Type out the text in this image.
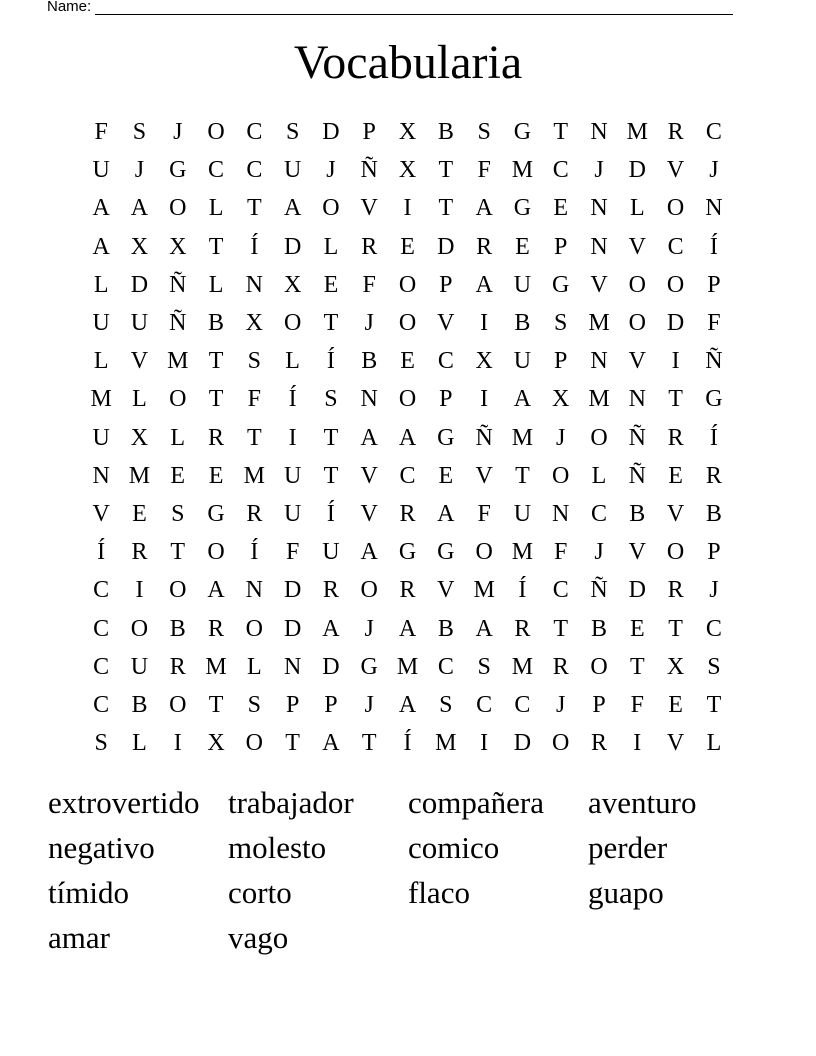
Name:
Vocabularia
F	S	J	O C S D P X B S G T N M R C
U	J	G C C U	J	Ñ X T	F M C	J	D V	J
A A O L T A O V	I	T A G E N L O N
A X X T	Í	D L R E D R E	P N V C	Í
L D Ñ L N X E	F O P A U G V O O P
U U Ñ B X O T	J	O V	I	B S M O D F
L V M T	S	L	Í	B E C X U P N V	I	Ñ
M L O T	F	Í	S N O P	I	A X M N T G
U X L R T	I	T A A G Ñ M J	O Ñ R	Í
N M E E M U T V C E V T O L Ñ E R
V E	S G R U	Í	V R A F U N C B V B
Í	R T O	Í	F U A G G O M F	J	V O P
C	I	O A N D R O R V M Í	C Ñ D R	J
C O B R O D A	J	A B A R T B E T C
C U R M L N D G M C S M R O T X S
C B O T	S	P	P	J	A S C C	J	P	F	E T
S	L	I	X O T A T	Í M I	D O R	I	V L
extrovertido trabajador	compañera	aventuro
negativo	molesto	comico	perder
tímido	corto	flaco	guapo
amar	vago
